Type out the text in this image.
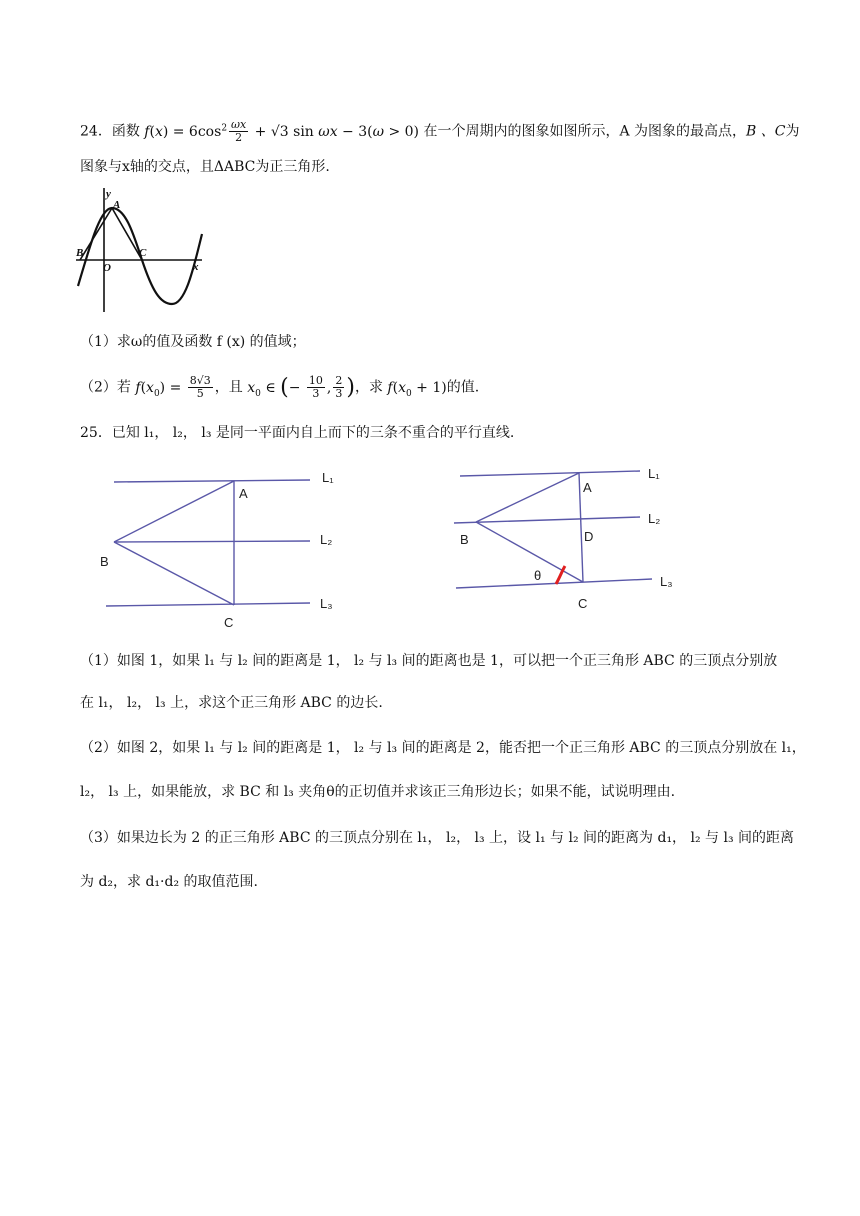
24．函数 $f(x) = 6\cos^2 \frac{\omega x}{2} + √3$ sin ωx − 3(ω > 0) 在一个周期内的图象如图所示，A 为图象的最高点，B 、C为
图象与x轴的交点，且ΔABC为正三角形.
y
A
B	C
O	x
（1）求ω的值及函数 f (x) 的值域；
（2）若 $f(x_0) = \frac{8√3}{5}$ ，且 $x_0$ ∈ (− $\frac{10}{3}$ , $\frac{2}{3}$ )，求 $f(x_0 + 1)$的值.
25．已知 l₁， l₂， l₃ 是同一平面内自上而下的三条不重合的平行直线.
L₁
L₂
L₃
A
B
C
L₁
L₂
L₃
A
B	D
θ
C
（1）如图 1，如果 l₁ 与 l₂ 间的距离是 1， l₂ 与 l₃ 间的距离也是 1，可以把一个正三角形 ABC 的三顶点分别放
在 l₁， l₂， l₃ 上，求这个正三角形 ABC 的边长.
（2）如图 2，如果 l₁ 与 l₂ 间的距离是 1， l₂ 与 l₃ 间的距离是 2，能否把一个正三角形 ABC 的三顶点分别放在 l₁，
l₂， l₃ 上，如果能放，求 BC 和 l₃ 夹角θ的正切值并求该正三角形边长；如果不能，试说明理由.
（3）如果边长为 2 的正三角形 ABC 的三顶点分别在 l₁， l₂， l₃ 上，设 l₁ 与 l₂ 间的距离为 d₁， l₂ 与 l₃ 间的距离
为 d₂，求 d₁·d₂ 的取值范围.
